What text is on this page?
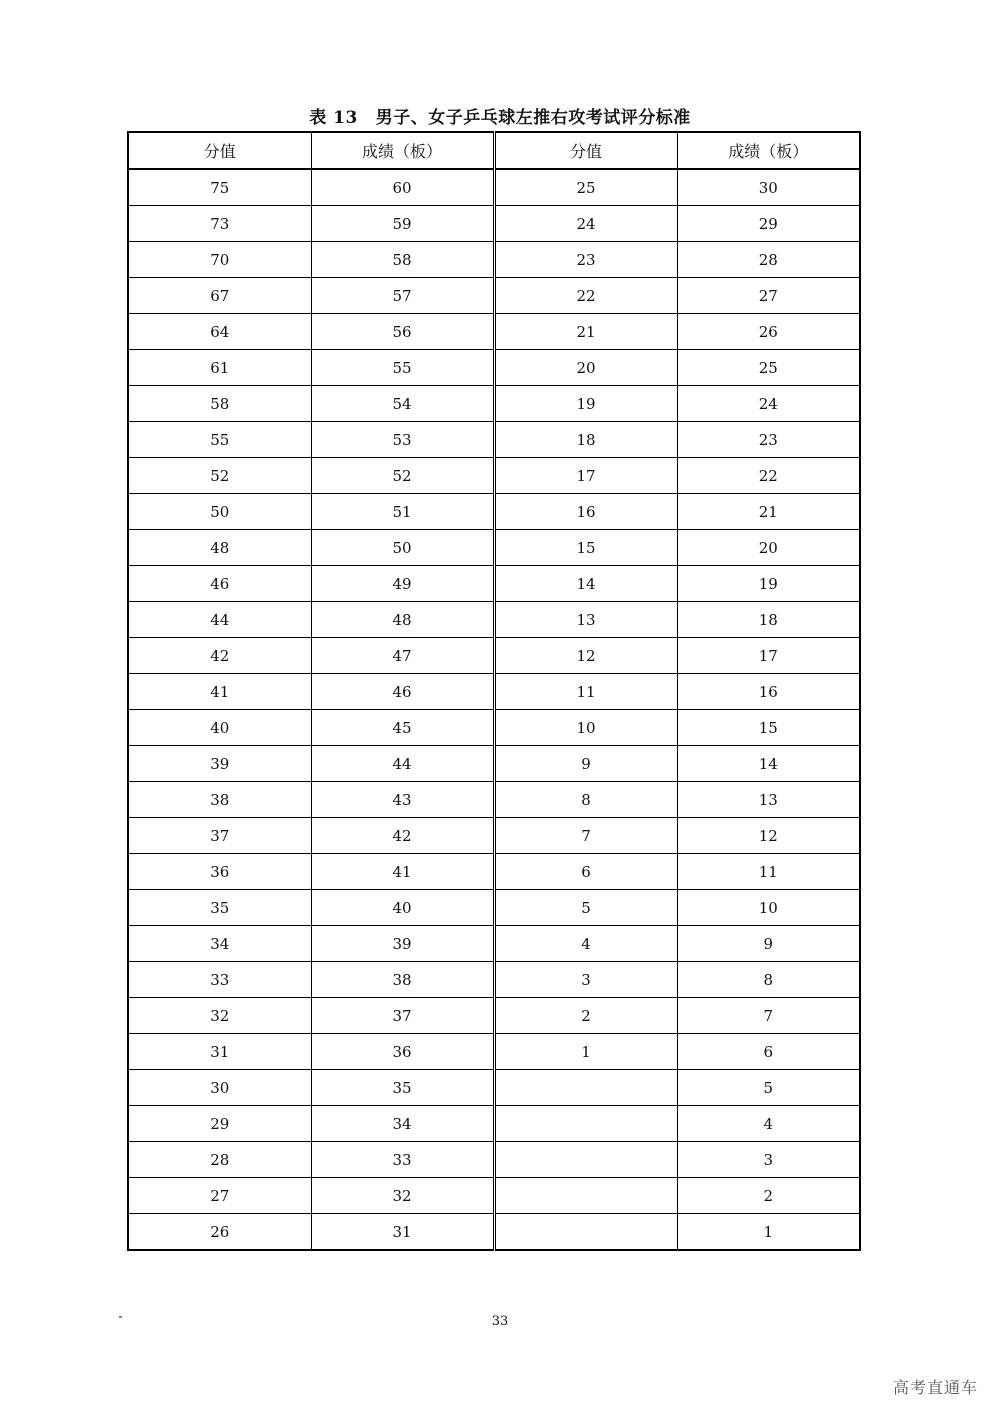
表 13 男子、女子乒乓球左推右攻考试评分标准
分值	成绩（板）	分值	成绩（板）
75	60	25	30
73	59	24	29
70	58	23	28
67	57	22	27
64	56	21	26
61	55	20	25
58	54	19	24
55	53	18	23
52	52	17	22
50	51	16	21
48	50	15	20
46	49	14	19
44	48	13	18
42	47	12	17
41	46	11	16
40	45	10	15
39	44	9	14
38	43	8	13
37	42	7	12
36	41	6	11
35	40	5	10
34	39	4	9
33	38	3	8
32	37	2	7
31	36	1	6
30	35		5
29	34		4
28	33		3
27	32		2
26	31		1
33
高考直通车
